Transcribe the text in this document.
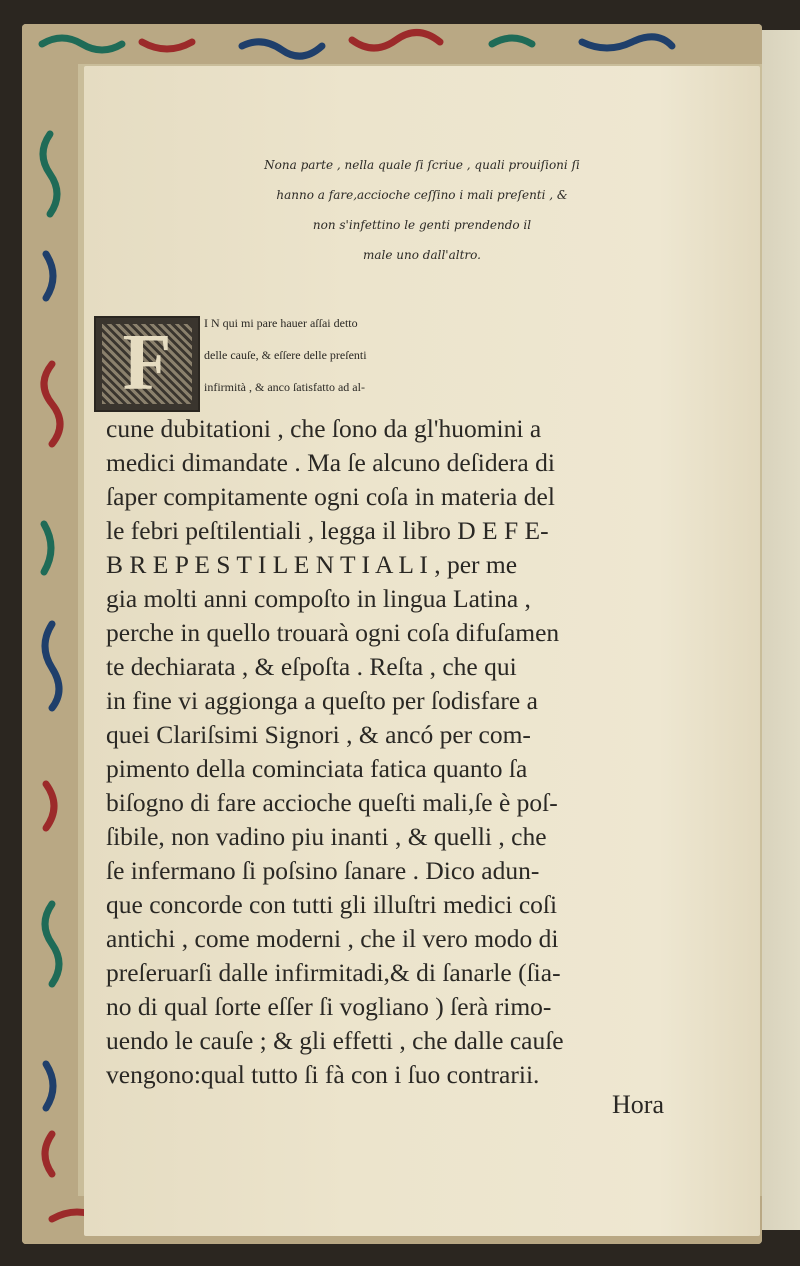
Nona parte , nella quale ſi ſcriue , quali prouiſioni ſi
hanno a fare,accioche ceſſino i mali preſenti , &
non s'infettino le genti prendendo il
male uno dall'altro.
F	I N qui mi pare hauer aſſai detto
delle cauſe, & eſſere delle preſenti
infirmità , & anco ſatisfatto ad al-
cune dubitationi , che ſono da gl'huomini a
medici dimandate . Ma ſe alcuno deſidera di
ſaper compitamente ogni coſa in materia del
le febri peſtilentiali , legga il libro D E F E-
B R E P E S T I L E N T I A L I , per me
gia molti anni compoſto in lingua Latina ,
perche in quello trouarà ogni coſa difuſamen
te dechiarata , & eſpoſta . Reſta , che qui
in fine vi aggionga a queſto per ſodisfare a
quei Clariſsimi Signori , & ancó per com-
pimento della cominciata fatica quanto ſa
biſogno di fare accioche queſti mali,ſe è poſ-
ſibile, non vadino piu inanti , & quelli , che
ſe infermano ſi poſsino ſanare . Dico adun-
que concorde con tutti gli illuſtri medici coſi
antichi , come moderni , che il vero modo di
preſeruarſi dalle infirmitadi,& di ſanarle (ſia-
no di qual ſorte eſſer ſi vogliano ) ſerà rimo-
uendo le cauſe ; & gli effetti , che dalle cauſe
vengono:qual tutto ſi fà con i ſuo contrarii.
Hora
